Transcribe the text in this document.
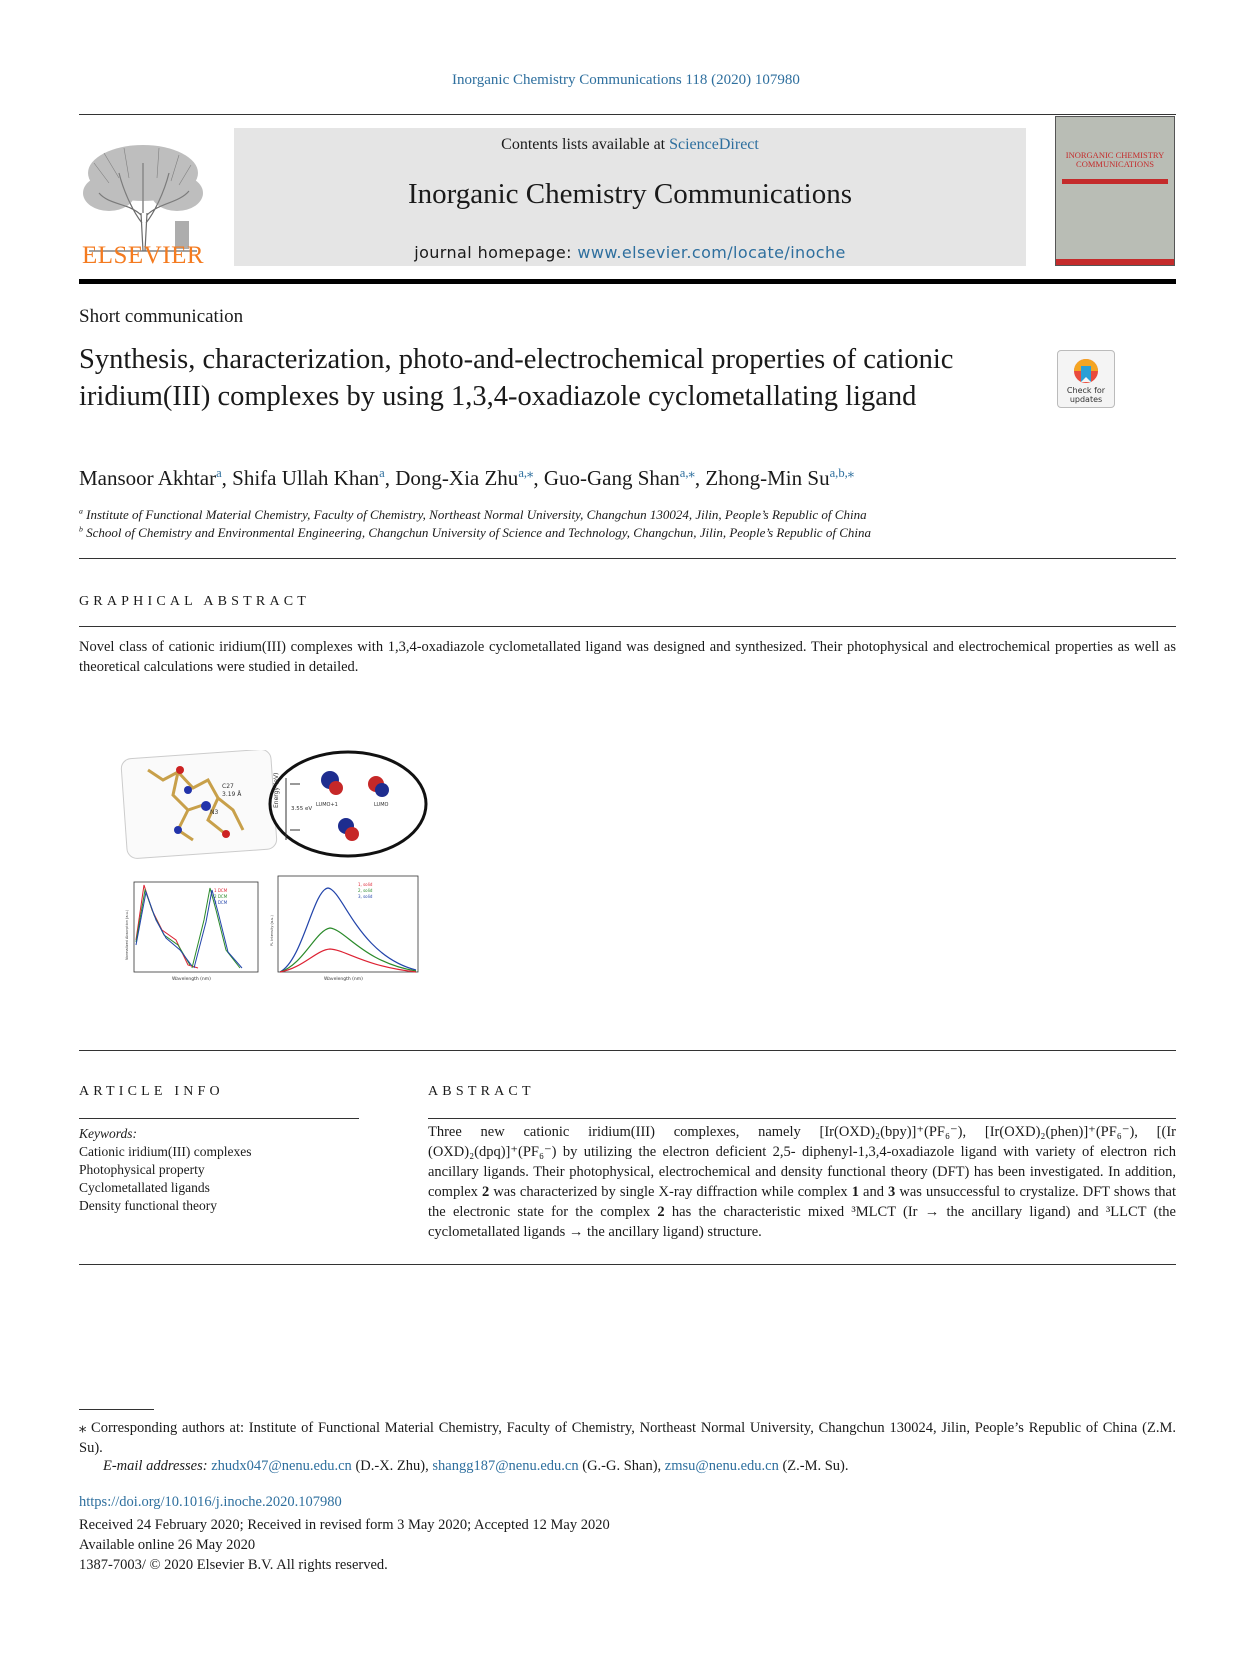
Inorganic Chemistry Communications 118 (2020) 107980
ELSEVIER
Contents lists available at ScienceDirect
Inorganic Chemistry Communications
journal homepage: www.elsevier.com/locate/inoche
INORGANIC CHEMISTRY COMMUNICATIONS
Short communication
Synthesis, characterization, photo-and-electrochemical properties of cationic iridium(III) complexes by using 1,3,4-oxadiazole cyclometallating ligand	Check for updates
Mansoor Akhtar$^a$, Shifa Ullah Khan$^a$, Dong-Xia Zhu$^{a,⁎}$, Guo-Gang Shan$^{a,⁎}$, Zhong-Min Su$^{a,b,⁎}$
$^a$ Institute of Functional Material Chemistry, Faculty of Chemistry, Northeast Normal University, Changchun 130024, Jilin, People’s Republic of China
$^b$ School of Chemistry and Environmental Engineering, Changchun University of Science and Technology, Changchun, Jilin, People’s Republic of China
GRAPHICAL ABSTRACT
Novel class of cationic iridium(III) complexes with 1,3,4-oxadiazole cyclometallated ligand was designed and synthesized. Their photophysical and electrochemical properties as well as theoretical calculations were studied in detailed.
C27
3.19 Å
N3
Energy (eV)
3.55 eV
LUMO+1	LUMO
1 DCM
2 DCM
3 DCM
Wavelength (nm)
Normalized Absorption (a.u.)
1, solid
2, solid
3, solid
Wavelength (nm)
PL Intensity (a.u.)
ARTICLE INFO
Keywords:
Cationic iridium(III) complexes
Photophysical property
Cyclometallated ligands
Density functional theory
ABSTRACT
Three new cationic iridium(III) complexes, namely [Ir(OXD)₂(bpy)]⁺(PF₆⁻), [Ir(OXD)₂(phen)]⁺(PF₆⁻), [(Ir (OXD)₂(dpq)]⁺(PF₆⁻) by utilizing the electron deficient 2,5- diphenyl-1,3,4-oxadiazole ligand with variety of electron rich ancillary ligands. Their photophysical, electrochemical and density functional theory (DFT) has been investigated. In addition, complex 2 was characterized by single X-ray diffraction while complex 1 and 3 was unsuccessful to crystalize. DFT shows that the electronic state for the complex 2 has the characteristic mixed ³MLCT (Ir → the ancillary ligand) and ³LLCT (the cyclometallated ligands → the ancillary ligand) structure.
⁎ Corresponding authors at: Institute of Functional Material Chemistry, Faculty of Chemistry, Northeast Normal University, Changchun 130024, Jilin, People’s Republic of China (Z.M. Su).
E-mail addresses: zhudx047@nenu.edu.cn (D.-X. Zhu), shangg187@nenu.edu.cn (G.-G. Shan), zmsu@nenu.edu.cn (Z.-M. Su).
https://doi.org/10.1016/j.inoche.2020.107980
Received 24 February 2020; Received in revised form 3 May 2020; Accepted 12 May 2020
Available online 26 May 2020
1387-7003/ © 2020 Elsevier B.V. All rights reserved.
